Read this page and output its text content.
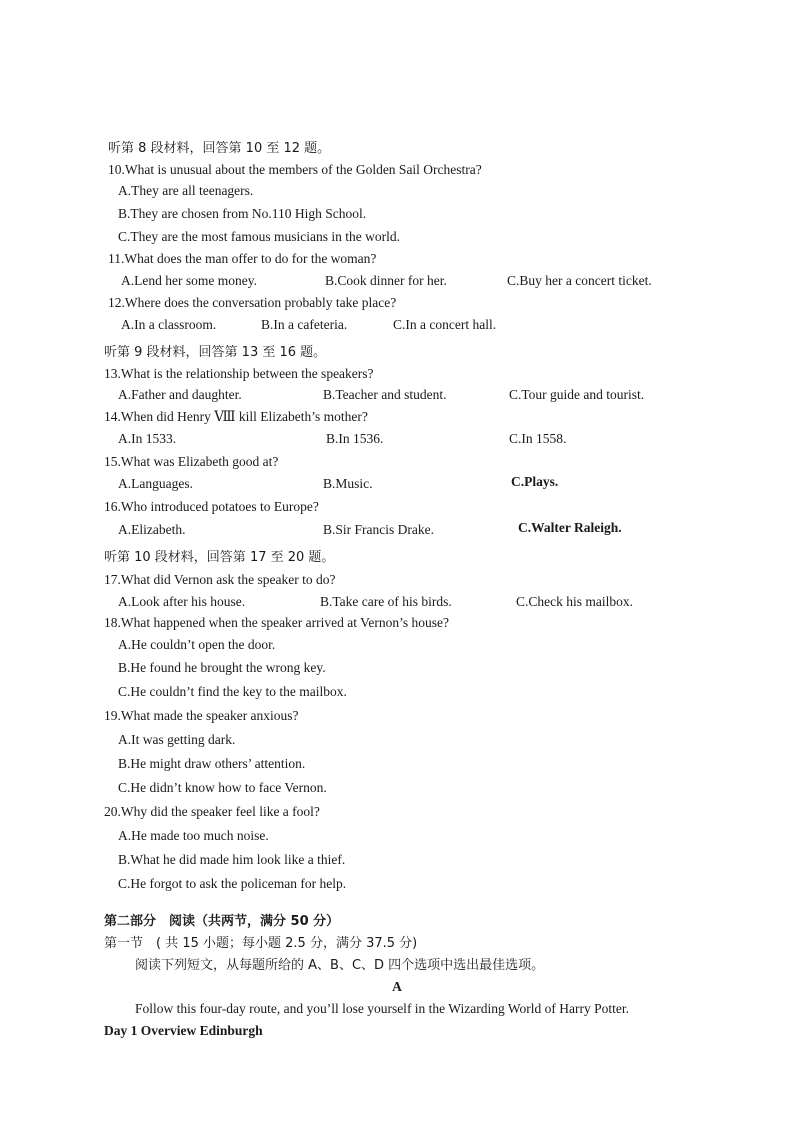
听第 8 段材料，回答第 10 至 12 题。
10.What is unusual about the members of the Golden Sail Orchestra?
A.They are all teenagers.
B.They are chosen from No.110 High School.
C.They are the most famous musicians in the world.
11.What does the man offer to do for the woman?
A.Lend her some money.	B.Cook dinner for her.	C.Buy her a concert ticket.
12.Where does the conversation probably take place?
A.In a classroom.	B.In a cafeteria.	C.In a concert hall.
听第 9 段材料，回答第 13 至 16 题。
13.What is the relationship between the speakers?
A.Father and daughter.	B.Teacher and student.	C.Tour guide and tourist.
14.When did Henry Ⅷ kill Elizabeth’s mother?
A.In 1533.	B.In 1536.	C.In 1558.
15.What was Elizabeth good at?
A.Languages.	B.Music.	C.Plays.
16.Who introduced potatoes to Europe?
A.Elizabeth.	B.Sir Francis Drake.	C.Walter Raleigh.
听第 10 段材料，回答第 17 至 20 题。
17.What did Vernon ask the speaker to do?
A.Look after his house.	B.Take care of his birds.	C.Check his mailbox.
18.What happened when the speaker arrived at Vernon’s house?
A.He couldn’t open the door.
B.He found he brought the wrong key.
C.He couldn’t find the key to the mailbox.
19.What made the speaker anxious?
A.It was getting dark.
B.He might draw others’ attention.
C.He didn’t know how to face Vernon.
20.Why did the speaker feel like a fool?
A.He made too much noise.
B.What he did made him look like a thief.
C.He forgot to ask the policeman for help.
第二部分　阅读（共两节，满分 50 分）
第一节　( 共 15 小题；每小题 2.5 分，满分 37.5 分)
阅读下列短文，从每题所给的 A、B、C、D 四个选项中选出最佳选项。
A
Follow this four-day route, and you’ll lose yourself in the Wizarding World of Harry Potter.
Day 1 Overview Edinburgh
